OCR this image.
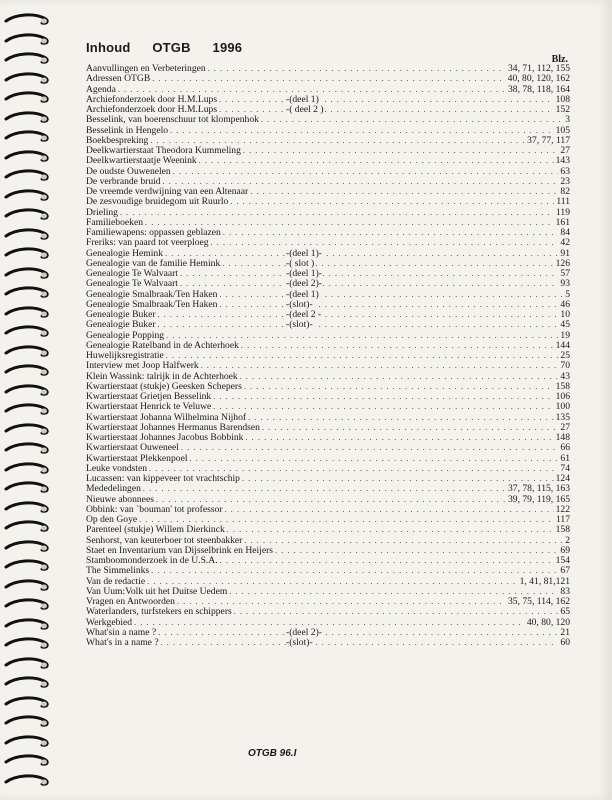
Inhoud OTGB 1996
Blz.
Aanvullingen en Verbeteringen . . .	34, 71, 112, 155
Adressen OTGB . . .	40, 80, 120, 162
Agenda . . .	38, 78, 118, 164
Archiefonderzoek door H.M.Lups . . .	-(deel 1)	108
Archiefonderzoek door H.M.Lups . . .	-( deel 2 )	152
Besselink, van boerenschuur tot klompenhok . . .	3
Besselink in Hengelo . . .	105
Boekbespreking . . .	37, 77, 117
Deelkwartierstaat Theodora Kummeling . . .	27
Deelkwartierstaatje Weenink . . .	143
De oudste Ouwenelen . . .	63
De verbrande bruid . . .	23
De vreemde verdwijning van een Altenaar . . .	82
De zesvoudige bruidegom uit Ruurlo . . .	111
Drieling . . .	119
Familieboeken . . .	161
Familiewapens: oppassen geblazen . . .	84
Freriks: van paard tot veerploeg . . .	42
Genealogie Hemink . . .	-(deel 1)-	91
Genealogie van de familie Hemink . . .	-( slot )	126
Genealogie Te Walvaart . . .	-(deel 1)-	57
Genealogie Te Walvaart . . .	-(deel 2)-	93
Genealogie Smalbraak/Ten Haken . . .	-(deel 1)	5
Genealogie Smalbraak/Ten Haken . . .	-(slot)-	46
Genealogie Buker . . .	-(deel 2 -	10
Genealogie Buker . . .	-(slot)-	45
Genealogie Popping . . .	19
Genealogie Ratelband in de Achterhoek . . .	144
Huwelijksregistratie . . .	25
Interview met Joop Halfwerk . . .	70
Klein Wassink: talrijk in de Achterhoek . . .	43
Kwartierstaat (stukje) Geesken Schepers . . .	158
Kwartierstaat Grietjen Besselink . . .	106
Kwartierstaat Henrick te Veluwe . . .	100
Kwartierstaat Johanna Wilhelmina Nijhof . . .	135
Kwartierstaat Johannes Hermanus Barendsen . . .	27
Kwartierstaat Johannes Jacobus Bobbink . . .	148
Kwartierstaat Ouweneel . . .	66
Kwartierstaat Plekkenpoel . . .	61
Leuke vondsten . . .	74
Lucassen: van kippeveer tot vrachtschip . . .	124
Mededelingen . . .	37, 78, 115, 163
Nieuwe abonnees . . .	39, 79, 119, 165
Obbink: van `bouman' tot professor . . .	122
Op den Goye . . .	117
Parenteel (stukje) Willem Dierkinck . . .	158
Senhorst, van keuterboer tot steenbakker . . .	2
Staet en Inventarium van Dijsselbrink en Heijers . . .	69
Stamboomonderzoek in de U.S.A. . . .	154
The Simmelinks . . .	67
Van de redactie . . .	1, 41, 81,121
Van Uum:Volk uit het Duitse Uedem . . .	83
Vragen en Antwoorden . . .	35, 75, 114, 162
Waterlanders, turfstekers en schippers . . .	65
Werkgebied . . .	40, 80, 120
What'sin a name ? . . .	-(deel 2)-	21
What's in a name ? . . .	-(slot)-	60
OTGB 96.I
